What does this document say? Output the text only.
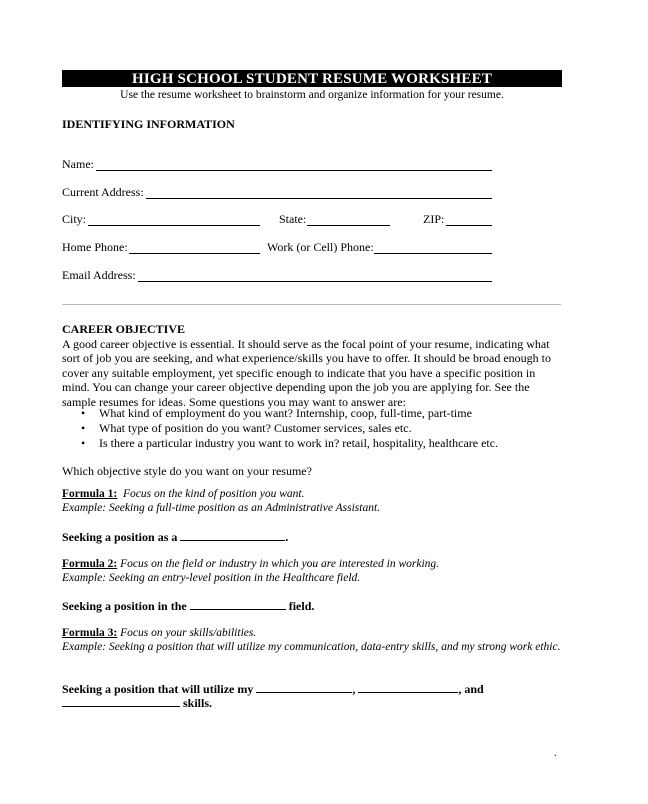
HIGH SCHOOL STUDENT RESUME WORKSHEET
Use the resume worksheet to brainstorm and organize information for your resume.
IDENTIFYING INFORMATION
Name:
Current Address:
City:	State:	ZIP:
Home Phone:	Work (or Cell) Phone:
Email Address:
CAREER OBJECTIVE
A good career objective is essential. It should serve as the focal point of your resume, indicating what sort of job you are seeking, and what experience/skills you have to offer. It should be broad enough to cover any suitable employment, yet specific enough to indicate that you have a specific position in mind. You can change your career objective depending upon the job you are applying for. See the sample resumes for ideas. Some questions you may want to answer are:
• What kind of employment do you want? Internship, coop, full-time, part-time
• What type of position do you want? Customer services, sales etc.
• Is there a particular industry you want to work in? retail, hospitality, healthcare etc.
Which objective style do you want on your resume?
Formula 1: Focus on the kind of position you want.
Example: Seeking a full-time position as an Administrative Assistant.
Seeking a position as a	.
Formula 2: Focus on the field or industry in which you are interested in working.
Example: Seeking an entry-level position in the Healthcare field.
Seeking a position in the	field.
Formula 3: Focus on your skills/abilities.
Example: Seeking a position that will utilize my communication, data-entry skills, and my strong work ethic.
Seeking a position that will utilize my	,	, and
skills.
.
